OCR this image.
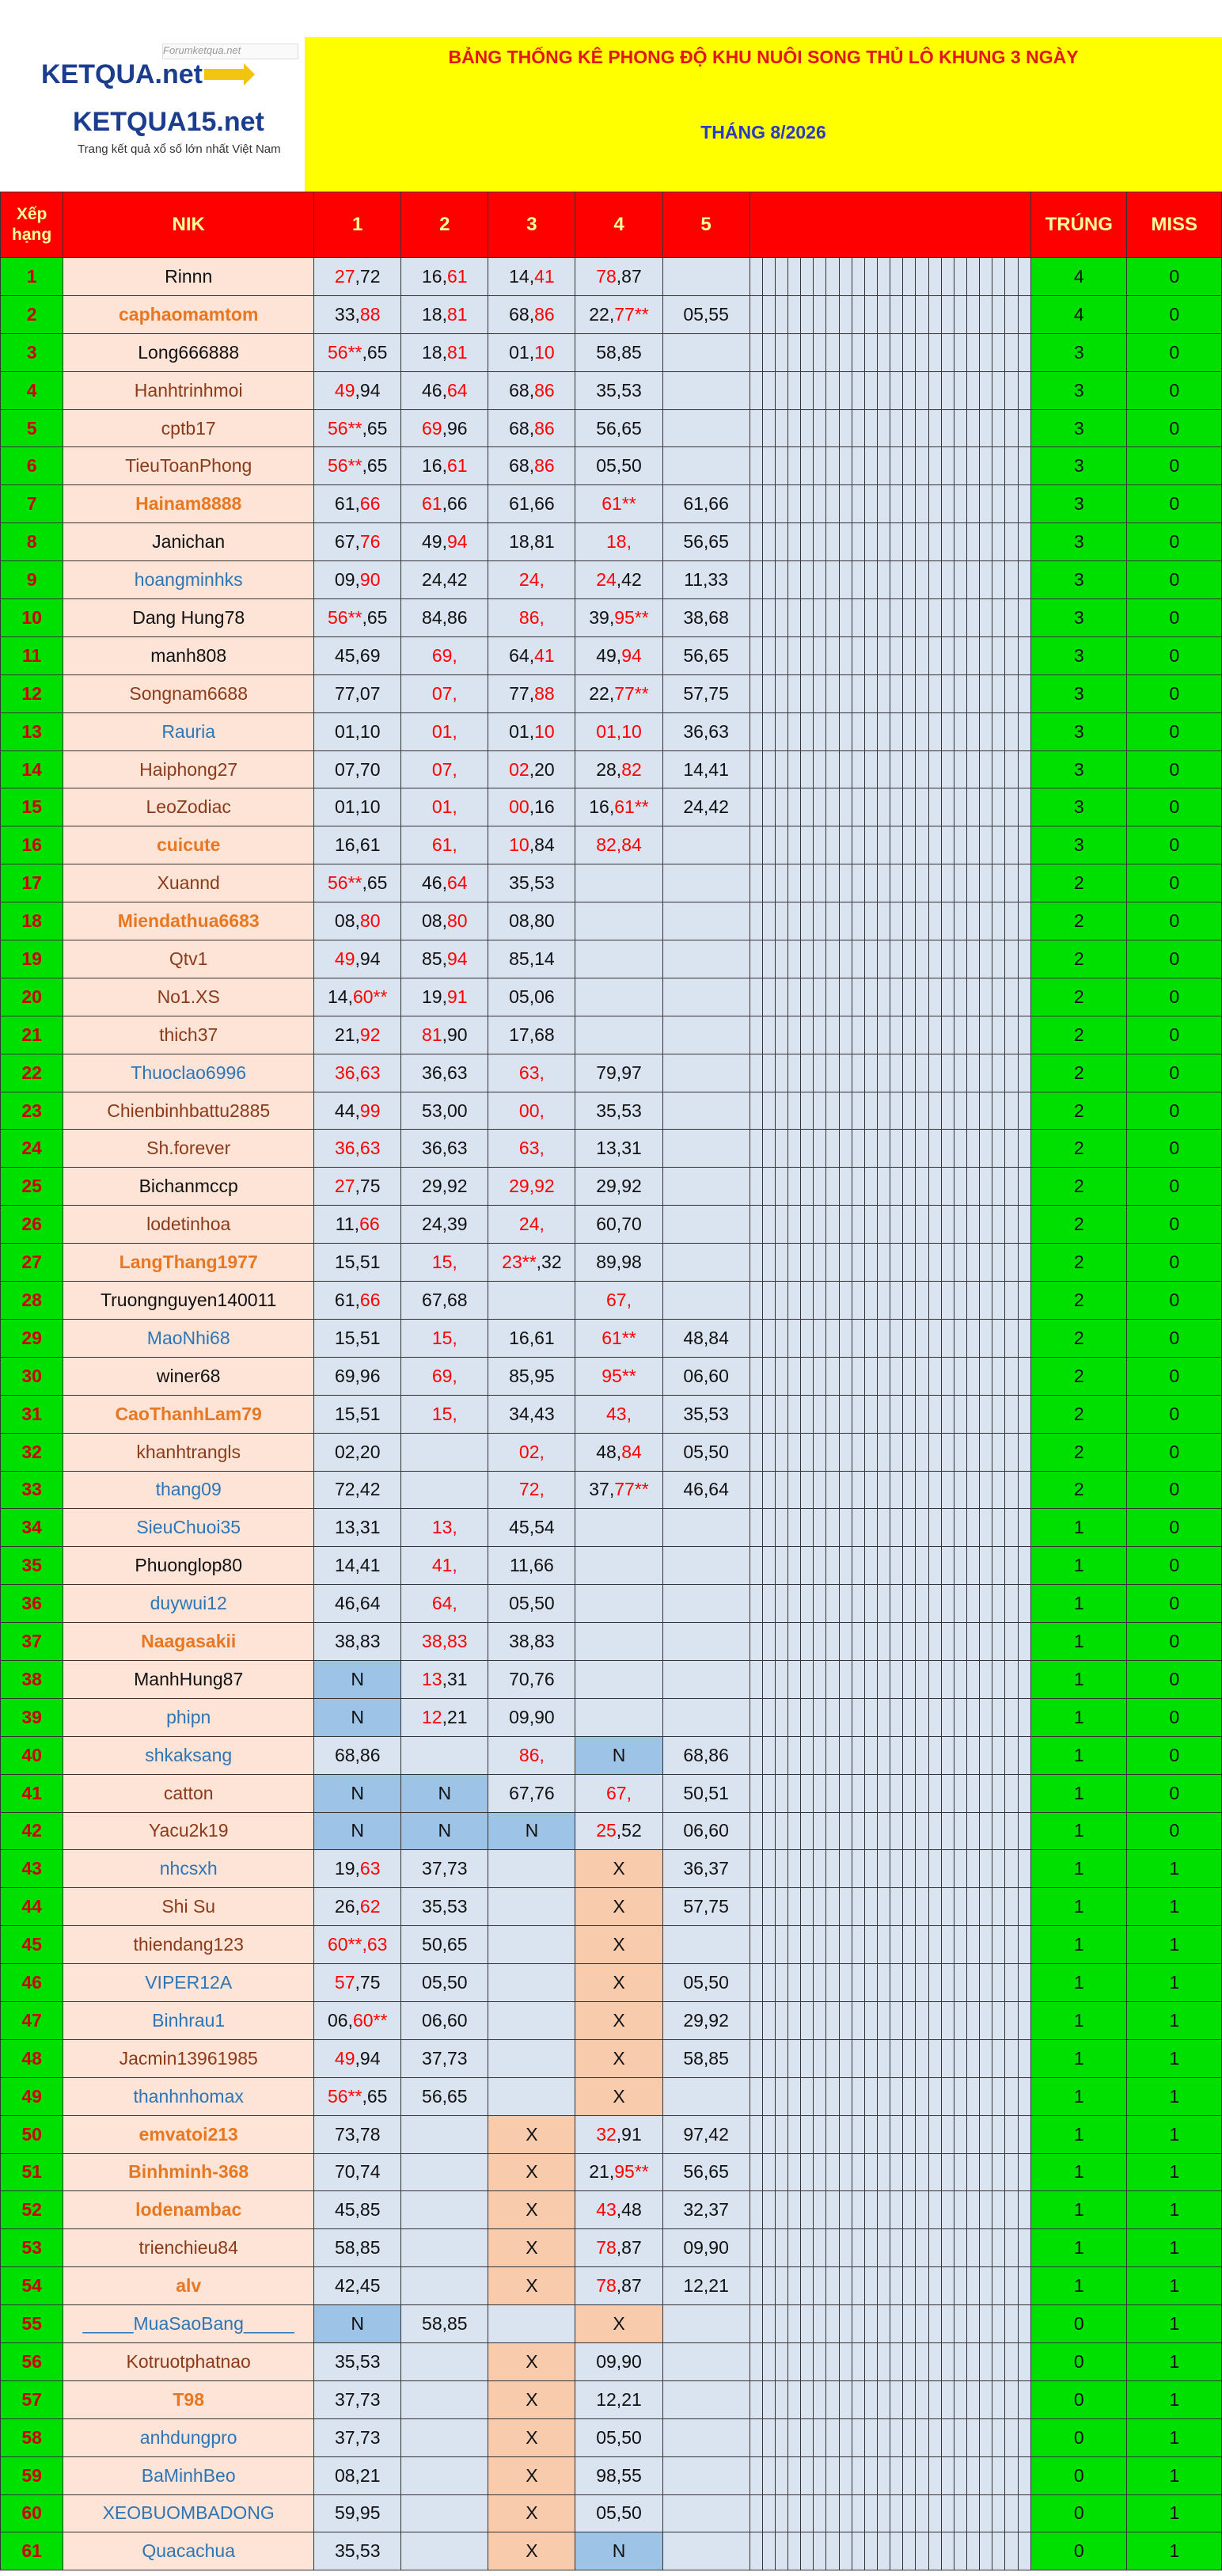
Forumketqua.net
KETQUA.net
KETQUA15.net
Trang kết quả xổ số lớn nhất Việt Nam
BẢNG THỐNG KÊ PHONG ĐỘ KHU NUÔI SONG THỦ LÔ KHUNG 3 NGÀY
THÁNG 8/2026
Xếp hạng	NIK	1	2	3	4	5																							TRÚNG	MISS
1	Rinnn	27,72	16,61	14,41	78,87																								4	0
2	caphaomamtom	33,88	18,81	68,86	22,77**	05,55																							4	0
3	Long666888	56**,65	18,81	01,10	58,85																								3	0
4	Hanhtrinhmoi	49,94	46,64	68,86	35,53																								3	0
5	cptb17	56**,65	69,96	68,86	56,65																								3	0
6	TieuToanPhong	56**,65	16,61	68,86	05,50																								3	0
7	Hainam8888	61,66	61,66	61,66	61**	61,66																							3	0
8	Janichan	67,76	49,94	18,81	18,	56,65																							3	0
9	hoangminhks	09,90	24,42	24,	24,42	11,33																							3	0
10	Dang Hung78	56**,65	84,86	86,	39,95**	38,68																							3	0
11	manh808	45,69	69,	64,41	49,94	56,65																							3	0
12	Songnam6688	77,07	07,	77,88	22,77**	57,75																							3	0
13	Rauria	01,10	01,	01,10	01,10	36,63																							3	0
14	Haiphong27	07,70	07,	02,20	28,82	14,41																							3	0
15	LeoZodiac	01,10	01,	00,16	16,61**	24,42																							3	0
16	cuicute	16,61	61,	10,84	82,84																								3	0
17	Xuannd	56**,65	46,64	35,53																									2	0
18	Miendathua6683	08,80	08,80	08,80																									2	0
19	Qtv1	49,94	85,94	85,14																									2	0
20	No1.XS	14,60**	19,91	05,06																									2	0
21	thich37	21,92	81,90	17,68																									2	0
22	Thuoclao6996	36,63	36,63	63,	79,97																								2	0
23	Chienbinhbattu2885	44,99	53,00	00,	35,53																								2	0
24	Sh.forever	36,63	36,63	63,	13,31																								2	0
25	Bichanmccp	27,75	29,92	29,92	29,92																								2	0
26	lodetinhoa	11,66	24,39	24,	60,70																								2	0
27	LangThang1977	15,51	15,	23**,32	89,98																								2	0
28	Truongnguyen140011	61,66	67,68		67,																								2	0
29	MaoNhi68	15,51	15,	16,61	61**	48,84																							2	0
30	winer68	69,96	69,	85,95	95**	06,60																							2	0
31	CaoThanhLam79	15,51	15,	34,43	43,	35,53																							2	0
32	khanhtrangls	02,20		02,	48,84	05,50																							2	0
33	thang09	72,42		72,	37,77**	46,64																							2	0
34	SieuChuoi35	13,31	13,	45,54																									1	0
35	Phuonglop80	14,41	41,	11,66																									1	0
36	duywui12	46,64	64,	05,50																									1	0
37	Naagasakii	38,83	38,83	38,83																									1	0
38	ManhHung87	N	13,31	70,76																									1	0
39	phipn	N	12,21	09,90																									1	0
40	shkaksang	68,86		86,	N	68,86																							1	0
41	catton	N	N	67,76	67,	50,51																							1	0
42	Yacu2k19	N	N	N	25,52	06,60																							1	0
43	nhcsxh	19,63	37,73		X	36,37																							1	1
44	Shi Su	26,62	35,53		X	57,75																							1	1
45	thiendang123	60**,63	50,65		X																								1	1
46	VIPER12A	57,75	05,50		X	05,50																							1	1
47	Binhrau1	06,60**	06,60		X	29,92																							1	1
48	Jacmin13961985	49,94	37,73		X	58,85																							1	1
49	thanhnhomax	56**,65	56,65		X																								1	1
50	emvatoi213	73,78		X	32,91	97,42																							1	1
51	Binhminh-368	70,74		X	21,95**	56,65																							1	1
52	lodenambac	45,85		X	43,48	32,37																							1	1
53	trienchieu84	58,85		X	78,87	09,90																							1	1
54	alv	42,45		X	78,87	12,21																							1	1
55	_____MuaSaoBang_____	N	58,85		X																								0	1
56	Kotruotphatnao	35,53		X	09,90																								0	1
57	T98	37,73		X	12,21																								0	1
58	anhdungpro	37,73		X	05,50																								0	1
59	BaMinhBeo	08,21		X	98,55																								0	1
60	XEOBUOMBADONG	59,95		X	05,50																								0	1
61	Quacachua	35,53		X	N																								0	1
